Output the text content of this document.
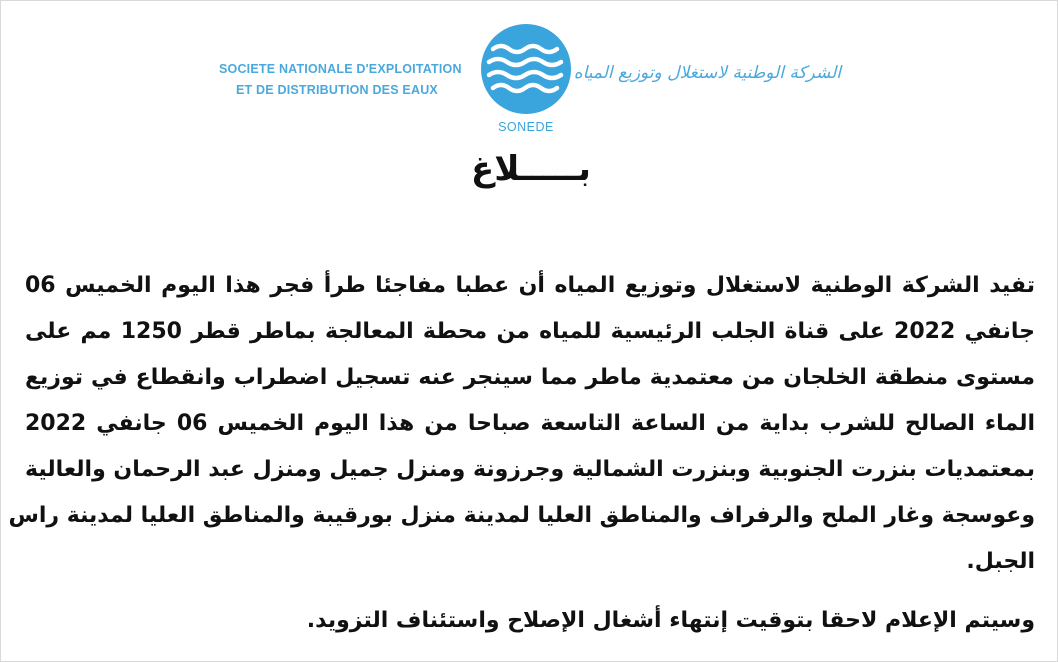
SOCIETE NATIONALE D'EXPLOITATION
ET DE DISTRIBUTION DES EAUX
SONEDE
الشركة الوطنية لاستغلال وتوزيع المياه
بـــــلاغ
تفيد الشركة الوطنية لاستغلال وتوزيع المياه أن عطبا مفاجئا طرأ فجر هذا اليوم الخميس 06
جانفي 2022 على قناة الجلب الرئيسية للمياه من محطة المعالجة بماطر قطر 1250 مم على
مستوى منطقة الخلجان من معتمدية ماطر مما سينجر عنه تسجيل اضطراب وانقطاع في توزيع
الماء الصالح للشرب بداية من الساعة التاسعة صباحا من هذا اليوم الخميس 06 جانفي 2022
بمعتمديات بنزرت الجنوبية وبنزرت الشمالية وجرزونة ومنزل جميل ومنزل عبد الرحمان والعالية
وعوسجة وغار الملح والرفراف والمناطق العليا لمدينة منزل بورقيبة والمناطق العليا لمدينة راس
الجبل.
وسيتم الإعلام لاحقا بتوقيت إنتهاء أشغال الإصلاح واستئناف التزويد.
